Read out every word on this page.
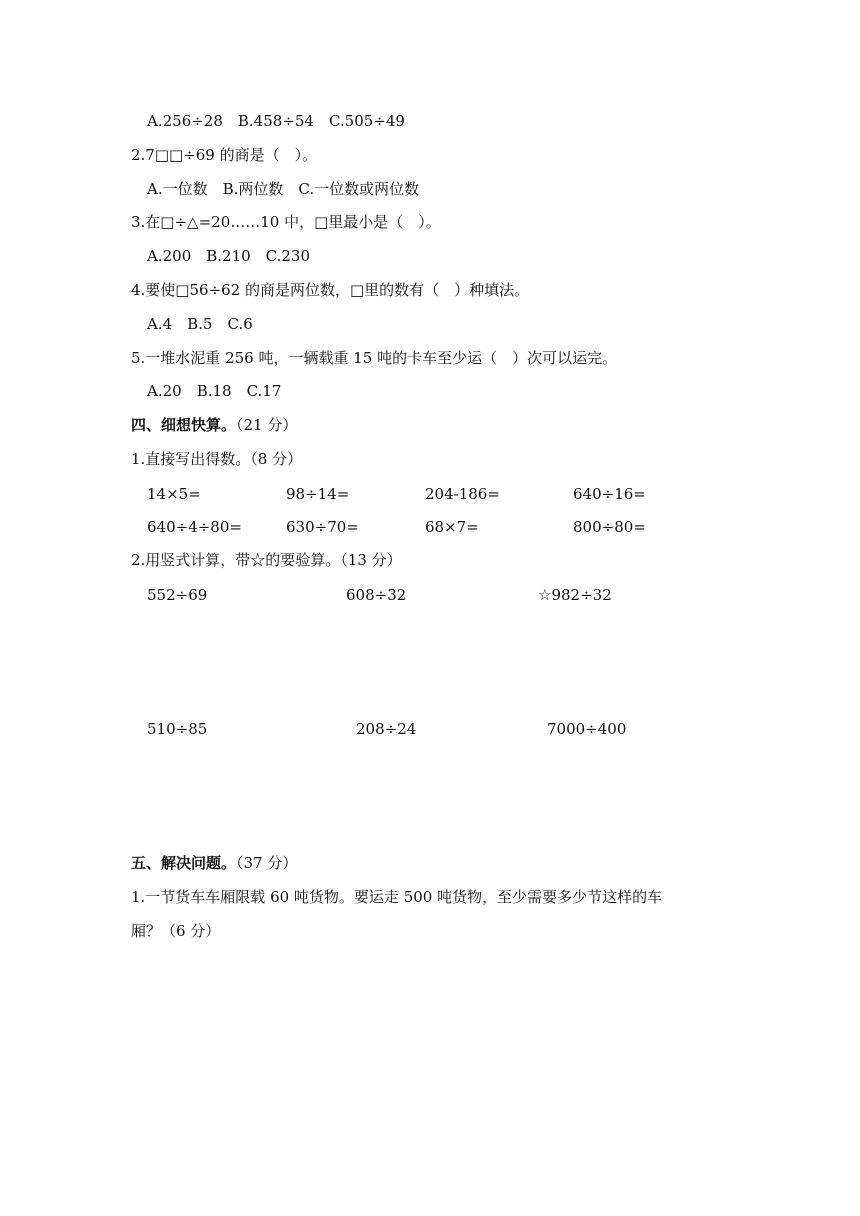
A.256÷28　B.458÷54　C.505÷49
2.7□□÷69 的商是（　）。
A.一位数　B.两位数　C.一位数或两位数
3.在□÷△=20……10 中，□里最小是（　）。
A.200　B.210　C.230
4.要使□56÷62 的商是两位数，□里的数有（　）种填法。
A.4　B.5　C.6
5.一堆水泥重 256 吨，一辆载重 15 吨的卡车至少运（　）次可以运完。
A.20　B.18　C.17
四、细想快算。（21 分）
1.直接写出得数。（8 分）
14×5=	98÷14=	204-186=	640÷16=
640÷4÷80=	630÷70=	68×7=	800÷80=
2.用竖式计算，带☆的要验算。（13 分）
552÷69	608÷32	☆982÷32
510÷85	208÷24	7000÷400
五、解决问题。（37 分）
1.一节货车车厢限载 60 吨货物。要运走 500 吨货物，至少需要多少节这样的车
厢？（6 分）
